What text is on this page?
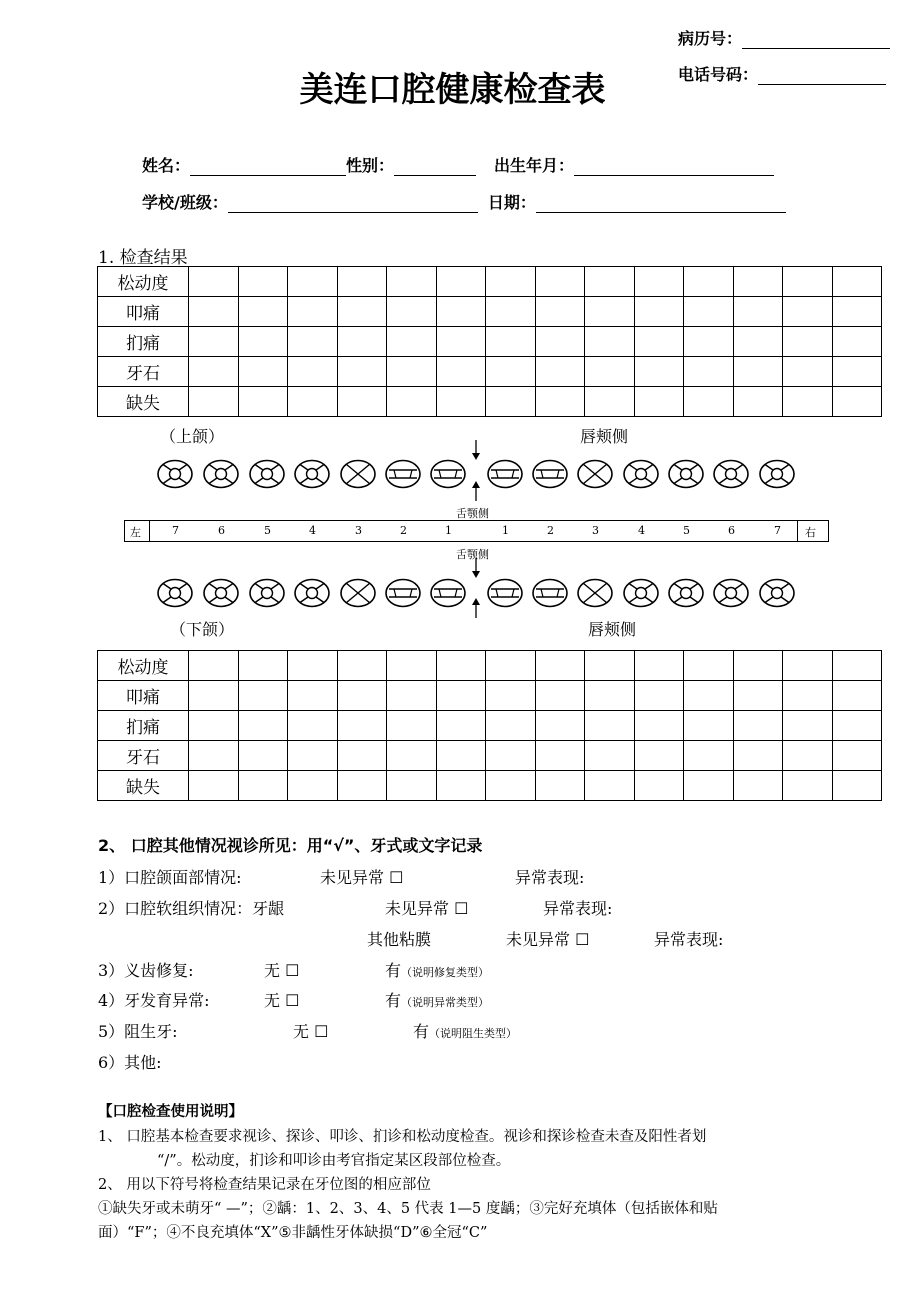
病历号：
电话号码：
美连口腔健康检查表
姓名：	性别：	出生年月：
学校/班级：	日期：
1. 检查结果
松动度														
叩痛														
扪痛														
牙石														
缺失														
（上颌）	唇颊侧
舌颚侧
舌颚侧
左	右
7	6	5	4	3	2	1	1	2	3	4	5	6	7
（下颌）	唇颊侧
松动度														
叩痛														
扪痛														
牙石														
缺失														
2、 口腔其他情况视诊所见：用“√”、牙式或文字记录
1）口腔颌面部情况:	未见异常 ☐	异常表现:
2）口腔软组织情况：牙龈	未见异常 ☐	异常表现:
其他粘膜	未见异常 ☐	异常表现:
3）义齿修复:	无 ☐	有（说明修复类型）
4）牙发育异常:	无 ☐	有（说明异常类型）
5）阻生牙:	无 ☐	有（说明阻生类型）
6）其他:
【口腔检查使用说明】
1、 口腔基本检查要求视诊、探诊、叩诊、扪诊和松动度检查。视诊和探诊检查未查及阳性者划
“/”。松动度，扪诊和叩诊由考官指定某区段部位检查。
2、 用以下符号将检查结果记录在牙位图的相应部位
①缺失牙或未萌牙“ —”；②龋：1、2、3、4、5 代表 1—5 度龋；③完好充填体（包括嵌体和贴
面）“F”；④不良充填体“X”⑤非龋性牙体缺损“D”⑥全冠“C”
